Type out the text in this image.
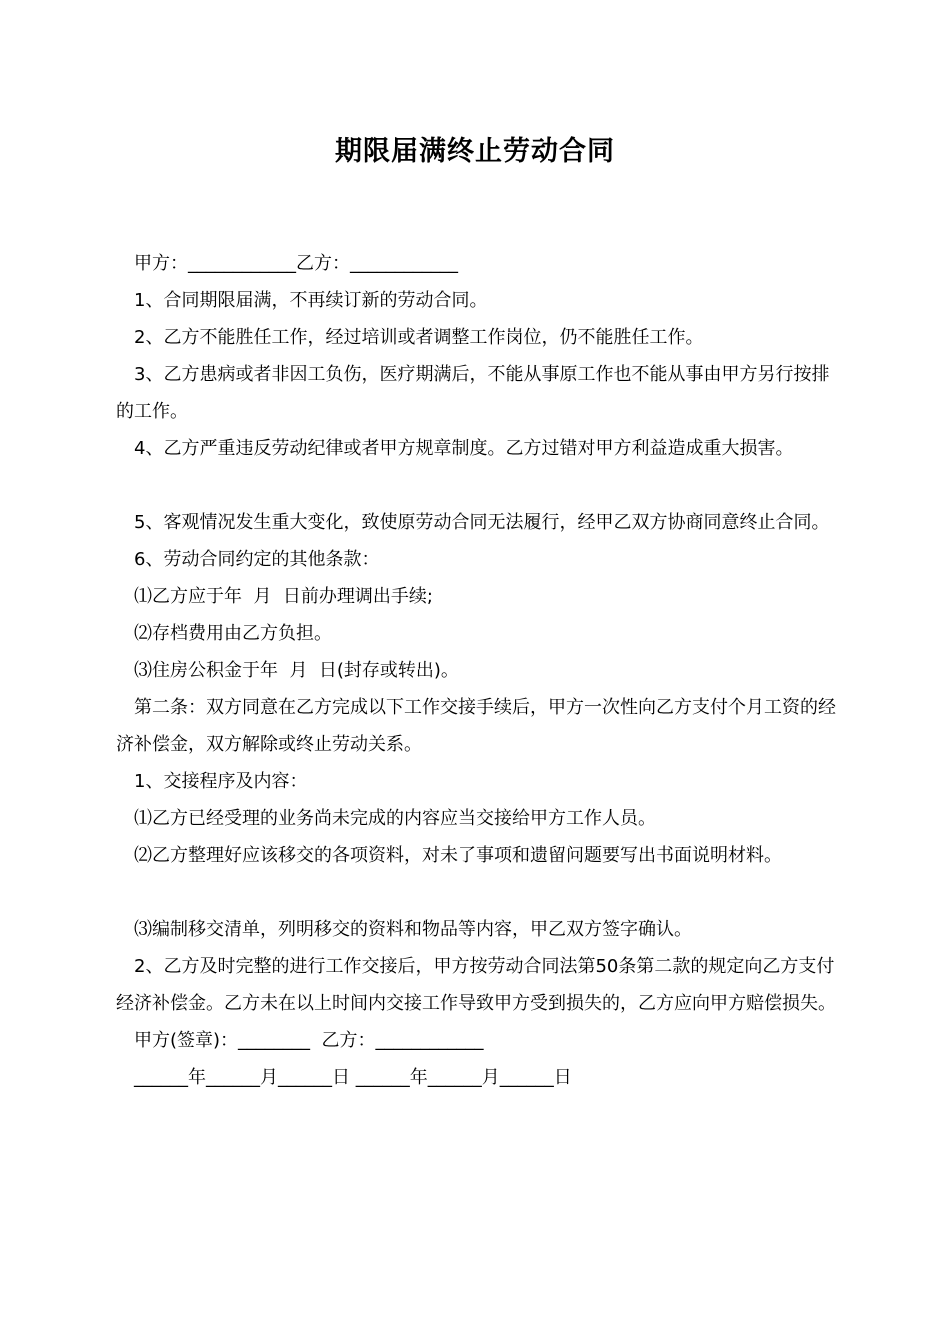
期限届满终止劳动合同

甲方：____________乙方：____________

1、合同期限届满，不再续订新的劳动合同。

2、乙方不能胜任工作，经过培训或者调整工作岗位，仍不能胜任工作。

3、乙方患病或者非因工负伤，医疗期满后，不能从事原工作也不能从事由甲方另行按排的工作。

4、乙方严重违反劳动纪律或者甲方规章制度。乙方过错对甲方利益造成重大损害。

5、客观情况发生重大变化，致使原劳动合同无法履行，经甲乙双方协商同意终止合同。

6、劳动合同约定的其他条款：

⑴乙方应于年  月  日前办理调出手续;

⑵存档费用由乙方负担。

⑶住房公积金于年  月  日(封存或转出)。

第二条：双方同意在乙方完成以下工作交接手续后，甲方一次性向乙方支付个月工资的经济补偿金，双方解除或终止劳动关系。

1、交接程序及内容：

⑴乙方已经受理的业务尚未完成的内容应当交接给甲方工作人员。

⑵乙方整理好应该移交的各项资料，对未了事项和遗留问题要写出书面说明材料。

⑶编制移交清单，列明移交的资料和物品等内容，甲乙双方签字确认。

2、乙方及时完整的进行工作交接后，甲方按劳动合同法第50条第二款的规定向乙方支付经济补偿金。乙方未在以上时间内交接工作导致甲方受到损失的，乙方应向甲方赔偿损失。

甲方(签章)：________  乙方：____________

______年______月______日 ______年______月______日
